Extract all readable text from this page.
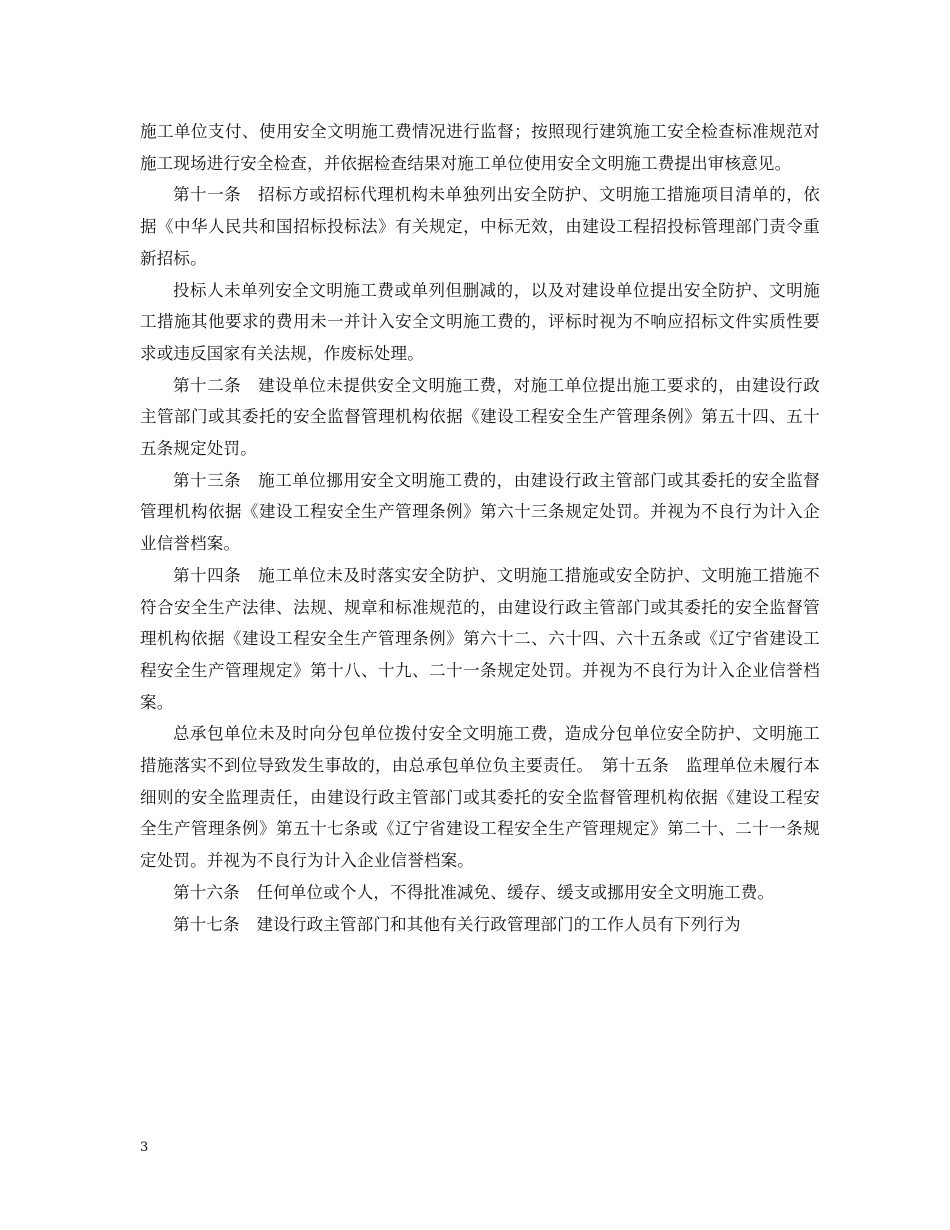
施工单位支付、使用安全文明施工费情况进行监督；按照现行建筑施工安全检查标准规范对施工现场进行安全检查，并依据检查结果对施工单位使用安全文明施工费提出审核意见。

第十一条　招标方或招标代理机构未单独列出安全防护、文明施工措施项目清单的，依据《中华人民共和国招标投标法》有关规定，中标无效，由建设工程招投标管理部门责令重新招标。

投标人未单列安全文明施工费或单列但删减的，以及对建设单位提出安全防护、文明施工措施其他要求的费用未一并计入安全文明施工费的，评标时视为不响应招标文件实质性要求或违反国家有关法规，作废标处理。

第十二条　建设单位未提供安全文明施工费，对施工单位提出施工要求的，由建设行政主管部门或其委托的安全监督管理机构依据《建设工程安全生产管理条例》第五十四、五十五条规定处罚。

第十三条　施工单位挪用安全文明施工费的，由建设行政主管部门或其委托的安全监督管理机构依据《建设工程安全生产管理条例》第六十三条规定处罚。并视为不良行为计入企业信誉档案。

第十四条　施工单位未及时落实安全防护、文明施工措施或安全防护、文明施工措施不符合安全生产法律、法规、规章和标准规范的，由建设行政主管部门或其委托的安全监督管理机构依据《建设工程安全生产管理条例》第六十二、六十四、六十五条或《辽宁省建设工程安全生产管理规定》第十八、十九、二十一条规定处罚。并视为不良行为计入企业信誉档案。

总承包单位未及时向分包单位拨付安全文明施工费，造成分包单位安全防护、文明施工措施落实不到位导致发生事故的，由总承包单位负主要责任。　第十五条　监理单位未履行本细则的安全监理责任，由建设行政主管部门或其委托的安全监督管理机构依据《建设工程安全生产管理条例》第五十七条或《辽宁省建设工程安全生产管理规定》第二十、二十一条规定处罚。并视为不良行为计入企业信誉档案。

第十六条　任何单位或个人，不得批准减免、缓存、缓支或挪用安全文明施工费。

第十七条　建设行政主管部门和其他有关行政管理部门的工作人员有下列行为

3
